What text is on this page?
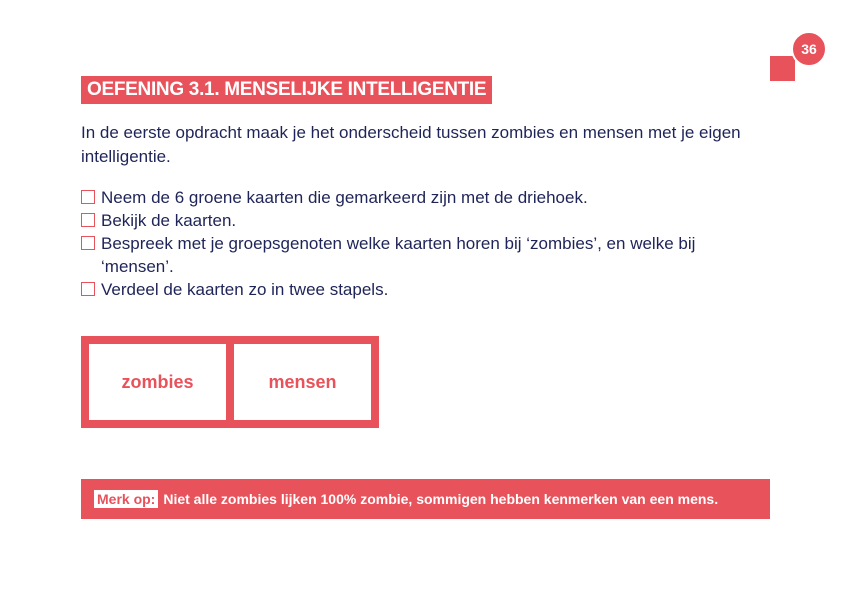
36
OEFENING 3.1. MENSELIJKE INTELLIGENTIE

In de eerste opdracht maak je het onderscheid tussen zombies en mensen met je eigen intelligentie.

Neem de 6 groene kaarten die gemarkeerd zijn met de driehoek.
Bekijk de kaarten.
Bespreek met je groepsgenoten welke kaarten horen bij ‘zombies’, en welke bij ‘mensen’.
Verdeel de kaarten zo in twee stapels.
zombies	mensen
Merk op: Niet alle zombies lijken 100% zombie, sommigen hebben kenmerken van een mens.
